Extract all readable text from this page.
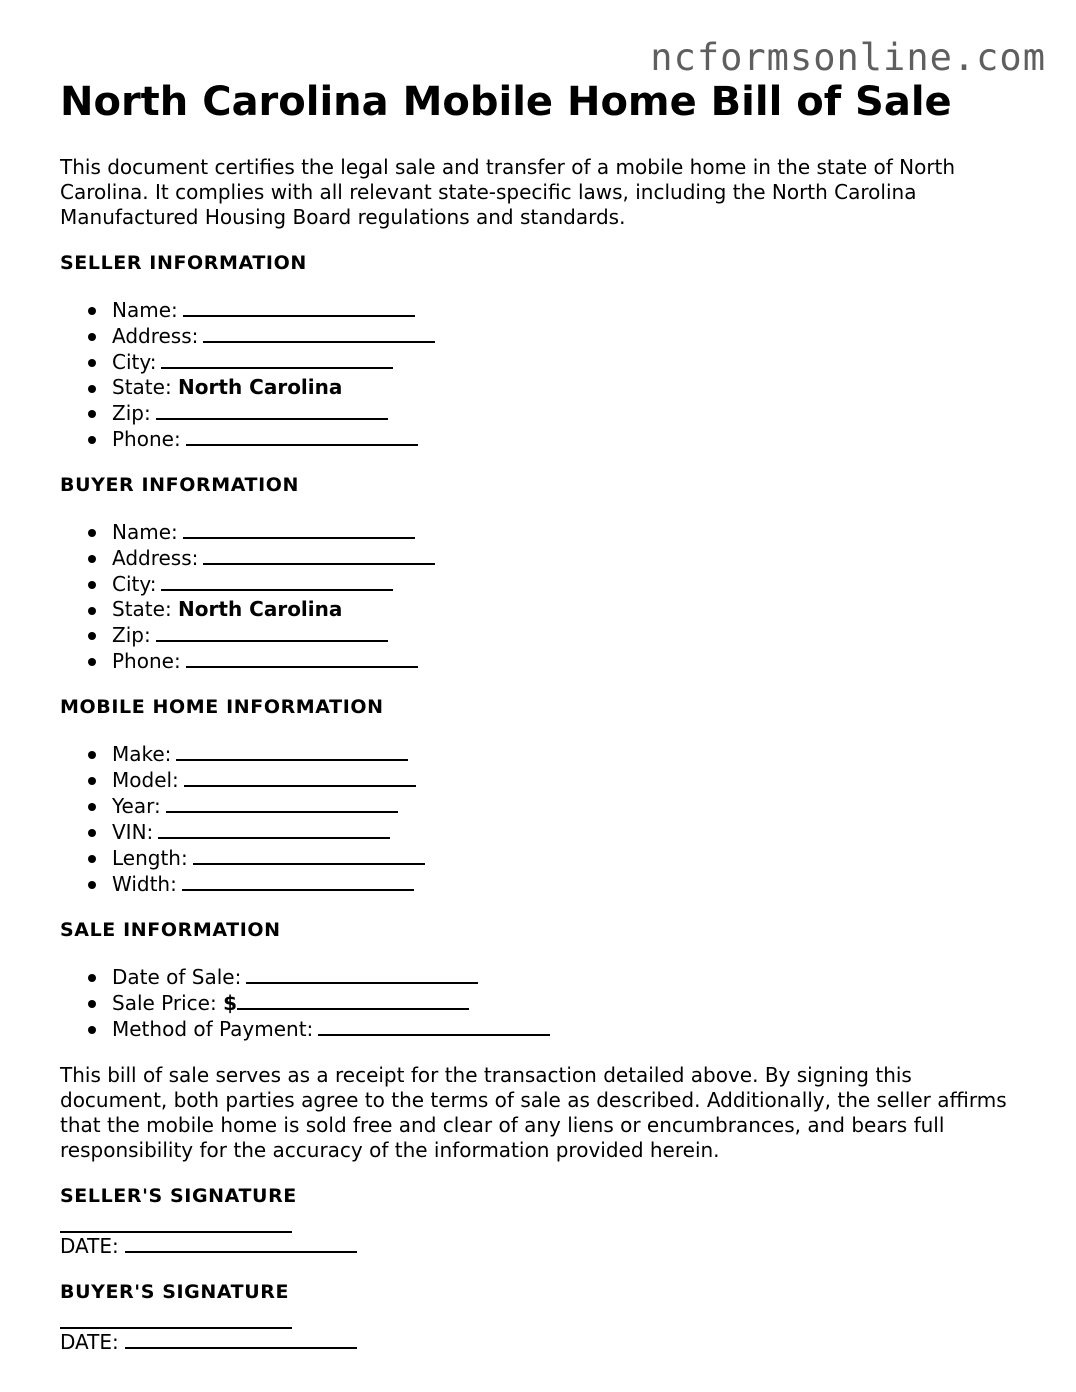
ncformsonline.com
North Carolina Mobile Home Bill of Sale

This document certifies the legal sale and transfer of a mobile home in the state of North Carolina. It complies with all relevant state-specific laws, including the North Carolina Manufactured Housing Board regulations and standards.

SELLER INFORMATION
Name:
Address:
City:
State: North Carolina
Zip:
Phone:
BUYER INFORMATION
Name:
Address:
City:
State: North Carolina
Zip:
Phone:
MOBILE HOME INFORMATION
Make:
Model:
Year:
VIN:
Length:
Width:
SALE INFORMATION
Date of Sale:
Sale Price: $
Method of Payment:

This bill of sale serves as a receipt for the transaction detailed above. By signing this document, both parties agree to the terms of sale as described. Additionally, the seller affirms that the mobile home is sold free and clear of any liens or encumbrances, and bears full responsibility for the accuracy of the information provided herein.

SELLER'S SIGNATURE
DATE:
BUYER'S SIGNATURE
DATE:
